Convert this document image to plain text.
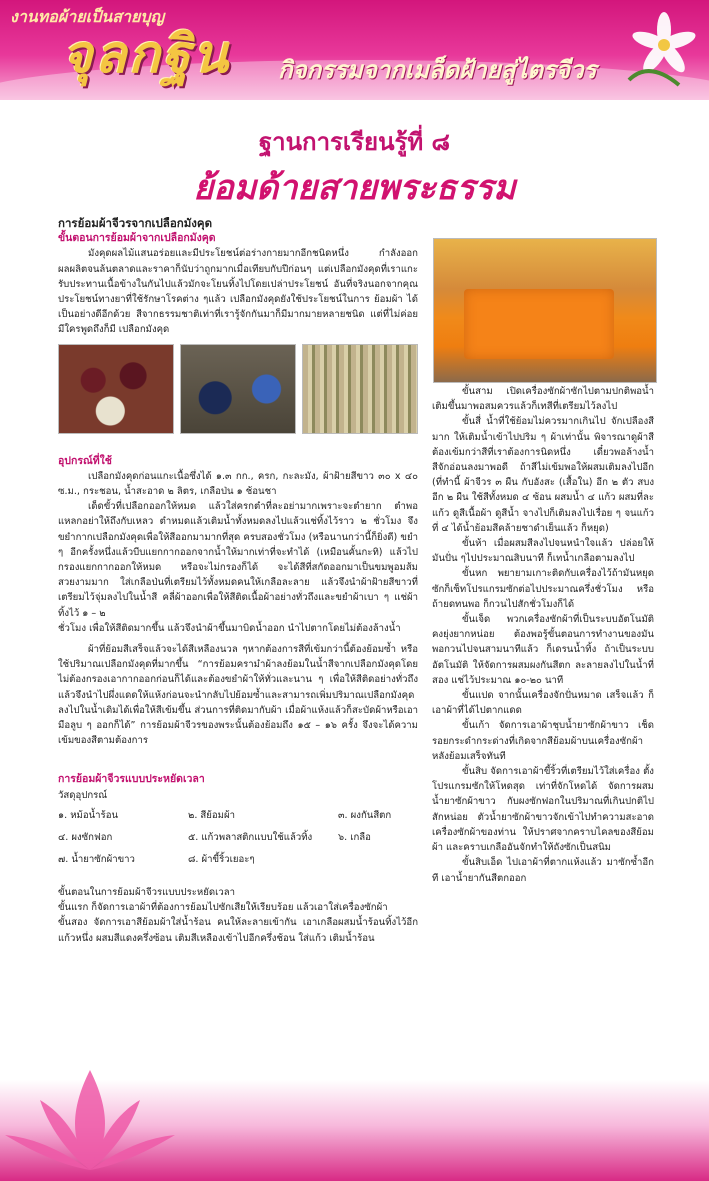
งานทอผ้ายเป็นสายบุญ
จุลกฐิน กิจกรรมจากเมล็ดฝ้ายสู่ไตรจีวร
ฐานการเรียนรู้ที่ ๘
ย้อมด้ายสายพระธรรม
การย้อมผ้าจีวรจากเปลือกมังคุด
ขั้นตอนการย้อมผ้าจากเปลือกมังคุด

มังคุดผลไม้แสนอร่อยและมีประโยชน์ต่อร่างกายมากอีกชนิดหนึ่ง กำลังออกผลผลิตจนล้นตลาดและราคาก็นับว่าถูกมากเมื่อเทียบกับปีก่อนๆ แต่เปลือกมังคุดที่เราแกะรับประทานเนื้อข้างในกันไปแล้วมักจะโยนทิ้งไปโดยเปล่าประโยชน์ อันที่จริงนอกจากคุณประโยชน์ทางยาที่ใช้รักษาโรคต่าง ๆแล้ว เปลือกมังคุดยังใช้ประโยชน์ในการ ย้อมผ้า ได้เป็นอย่างดีอีกด้วย สีจากธรรมชาติเท่าที่เรารู้จักกันมาก็มีมากมายหลายชนิด แต่ที่ไม่ค่อยมีใครพูดถึงก็มี เปลือกมังคุด

อุปกรณ์ที่ใช้

เปลือกมังคุดก่อนแกะเนื้อซึ่งได้ ๑.๓ กก., ครก, กะละมัง, ผ้าฝ้ายสีขาว ๓๐ x ๔๐ ซ.ม., กระชอน, น้ำสะอาด ๒ ลิตร, เกลือป่น ๑ ช้อนชา

เด็ดขั้วที่เปลือกออกให้หมด แล้วใส่ครกตำที่ละอย่ามากเพราะจะตำยาก ตำพอแหลกอย่าให้ถึงกับเหลว ตำหมดแล้วเติมน้ำทั้งหมดลงไปแล้วแช่ทิ้งไว้ราว ๒ ชั่วโมง จึงขยำกากเปลือกมังคุดเพื่อให้สีออกมามากที่สุด ครบสองชั่วโมง (หรือนานกว่านี้ก็ยิ่งดี) ขยำ ๆ อีกครั้งหนึ่งแล้วบีบแยกกากออกจากน้ำให้มากเท่าที่จะทำได้ (เหมือนคั้นกะทิ) แล้วไปกรองแยกกากออกให้หมด หรือจะไม่กรองก็ได้ จะได้สีที่สกัดออกมาเป็นขมพูอมส้มสวยงามมาก ใส่เกลือป่นที่เตรียมไว้ทั้งหมดคนให้เกลือละลาย แล้วจึงนำผ้าฝ้ายสีขาวที่เตรียมไว้จุ่มลงไปในน้ำสี คลี่ผ้าออกเพื่อให้สีติดเนื้อผ้าอย่างทั่วถึงและขยำผ้าเบา ๆ แช่ผ้าทิ้งไว้ ๑ – ๒

ชั่วโมง เพื่อให้สีติดมากขึ้น แล้วจึงนำผ้าขึ้นมาบิดน้ำออก นำไปตากโดยไม่ต้องล้างน้ำ

ผ้าที่ย้อมสีเสร็จแล้วจะได้สีเหลืองนวล ๆหากต้องการสีที่เข้มกว่านี้ต้องย้อมซ้ำ หรือใช้ปริมาณเปลือกมังคุดที่มากขึ้น “การย้อมครามำผ้าลงย้อมในน้ำสีจากเปลือกมังคุดโดยไม่ต้องกรองเอากากออกก่อนก็ได้และต้องขยำผ้าให้ทั่วและนาน ๆ เพื่อให้สีติดอย่างทั่วถึงแล้วจึงนำไปผึ่งแดดให้แห้งก่อนจะนำกลับไปย้อมซ้ำและสามารถเพิ่มปริมาณเปลือกมังคุดลงไปในน้ำเดิมได้เพื่อให้สีเข้มขึ้น ส่วนการที่ติดมากับผ้า เมื่อผ้าแห้งแล้วก็สะบัดผ้าหรือเอามือลูบ ๆ ออกก็ได้” การย้อมผ้าจีวรของพระนั้นต้องย้อมถึง ๑๕ – ๑๖ ครั้ง จึงจะได้ความเข้มของสีตามต้องการ

การย้อมผ้าจีวรแบบประหยัดเวลา
วัสดุอุปกรณ์
๑. หม้อน้ำร้อน	๒. สีย้อมผ้า	๓. ผงกันสีตก
๔. ผงซักฟอก	๕. แก้วพลาสติกแบบใช้แล้วทิ้ง	๖. เกลือ
๗. น้ำยาซักผ้าขาว	๘. ผ้าขี้ริ้วเยอะๆ
ขั้นตอนในการย้อมผ้าจีวรแบบประหยัดเวลา

ขั้นแรก ก็จัดการเอาผ้าที่ต้องการย้อมไปซักเสียให้เรียบร้อย แล้วเอาใส่เครื่องซักผ้า

ขั้นสอง จัดการเอาสีย้อมผ้าใส่น้ำร้อน คนให้ละลายเข้ากัน เอาเกลือผสมน้ำร้อนทิ้งไว้อีกแก้วหนึ่ง ผสมสีแดงครึ่งซ้อน เติมสีเหลืองเข้าไปอีกครึ่งช้อน ใส่แก้ว เติมน้ำร้อน

ขั้นสาม เปิดเครื่องซักผ้าซักไปตามปกติพอน้ำเติมขึ้นมาพอสมควรแล้วก็เทสีที่เตรียมไว้ลงไป

ขั้นสี่ น้ำที่ใช้ย้อมไม่ควรมากเกินไป จักเปลืองสีมาก ให้เติมน้ำเข้าไปปริม ๆ ผ้าเท่านั้น พิจารณาดูผ้าสีต้องเข้มกว่าสีที่เราต้องการนิดหนึ่ง เดี๋ยวพอล้างน้ำ สีจักอ่อนลงมาพอดี ถ้าสีไม่เข้มพอให้ผสมเติมลงไปอีก (ที่ทำนี้ ผ้าจีวร ๓ ผืน กับอังสะ (เสื้อใน) อีก ๒ ตัว สบงอีก ๒ ผืน ใช้สีทั้งหมด ๔ ซ้อน ผสมน้ำ ๔ แก้ว ผสมที่ละแก้ว ดูสีเนื้อผ้า ดูสีน้ำ จางไปก็เติมลงไปเรื่อย ๆ จนแก้วที่ ๔ ได้น้ำย้อมสีคล้ายชาดำเย็นแล้ว ก็หยุด)

ขั้นห้า เมื่อผสมสีลงไปจนหนำใจแล้ว ปล่อยให้มันปั่น ๆไปประมาณสิบนาที ก็เทน้ำเกลือตามลงไป

ขั้นหก พยายามเกาะติดกับเครื่องไว้ถ้ามันหยุดซักก็เซ็ทโปรแกรมซักต่อไปประมาณครึ่งชั่วโมง หรือถ้ายดทนพอ ก็กวนไปสักชั่วโมงก็ได้

ขั้นเจ็ด พวกเครื่องซักผ้าที่เป็นระบบอัตโนมัติ คงยุ่งยากหน่อย ต้องพอรู้ขั้นตอนการทำงานของมัน พอกวนไปจนสามนาทีแล้ว ก็เดรนน้ำทิ้ง ถ้าเป็นระบบอัตโนมัติ ให้จัดการผสมผงกันสีตก ละลายลงไปในน้ำที่สอง แช่ไว้ประมาณ ๑๐-๒๐ นาที

ขั้นแปด จากนั้นเครื่องจักปั่นหมาด เสร็จแล้ว ก็เอาผ้าที่ได้ไปตากแดด

ขั้นเก้า จัดการเอาผ้าชุบน้ำยาซักผ้าขาว เช็ดรอยกระดำกระด่างที่เกิดจากสีย้อมผ้าบนเครื่องซักผ้า หลังย้อมเสร็จทันที

ขั้นสิบ จัดการเอาผ้าขี้ริ้วที่เตรียมไว้ใส่เครื่อง ตั้งโปรแกรมซักให้โหดสุด เท่าที่จักโหดได้ จัดการผสมน้ำยาซักผ้าขาว กับผงซักฟอกในปริมาณที่เกินปกติไปสักหน่อย ตัวน้ำยาซักผ้าขาวจักเข้าไปทำความสะอาดเครื่องซักผ้าของท่าน ให้ปราศจากคราบไคลของสีย้อมผ้า และคราบเกลืออันจักทำให้ถังซักเป็นสนิม

ขั้นสิบเอ็ด ไปเอาผ้าที่ตากแห้งแล้ว มาซักซ้ำอีกที เอาน้ำยากันสีตกออก
